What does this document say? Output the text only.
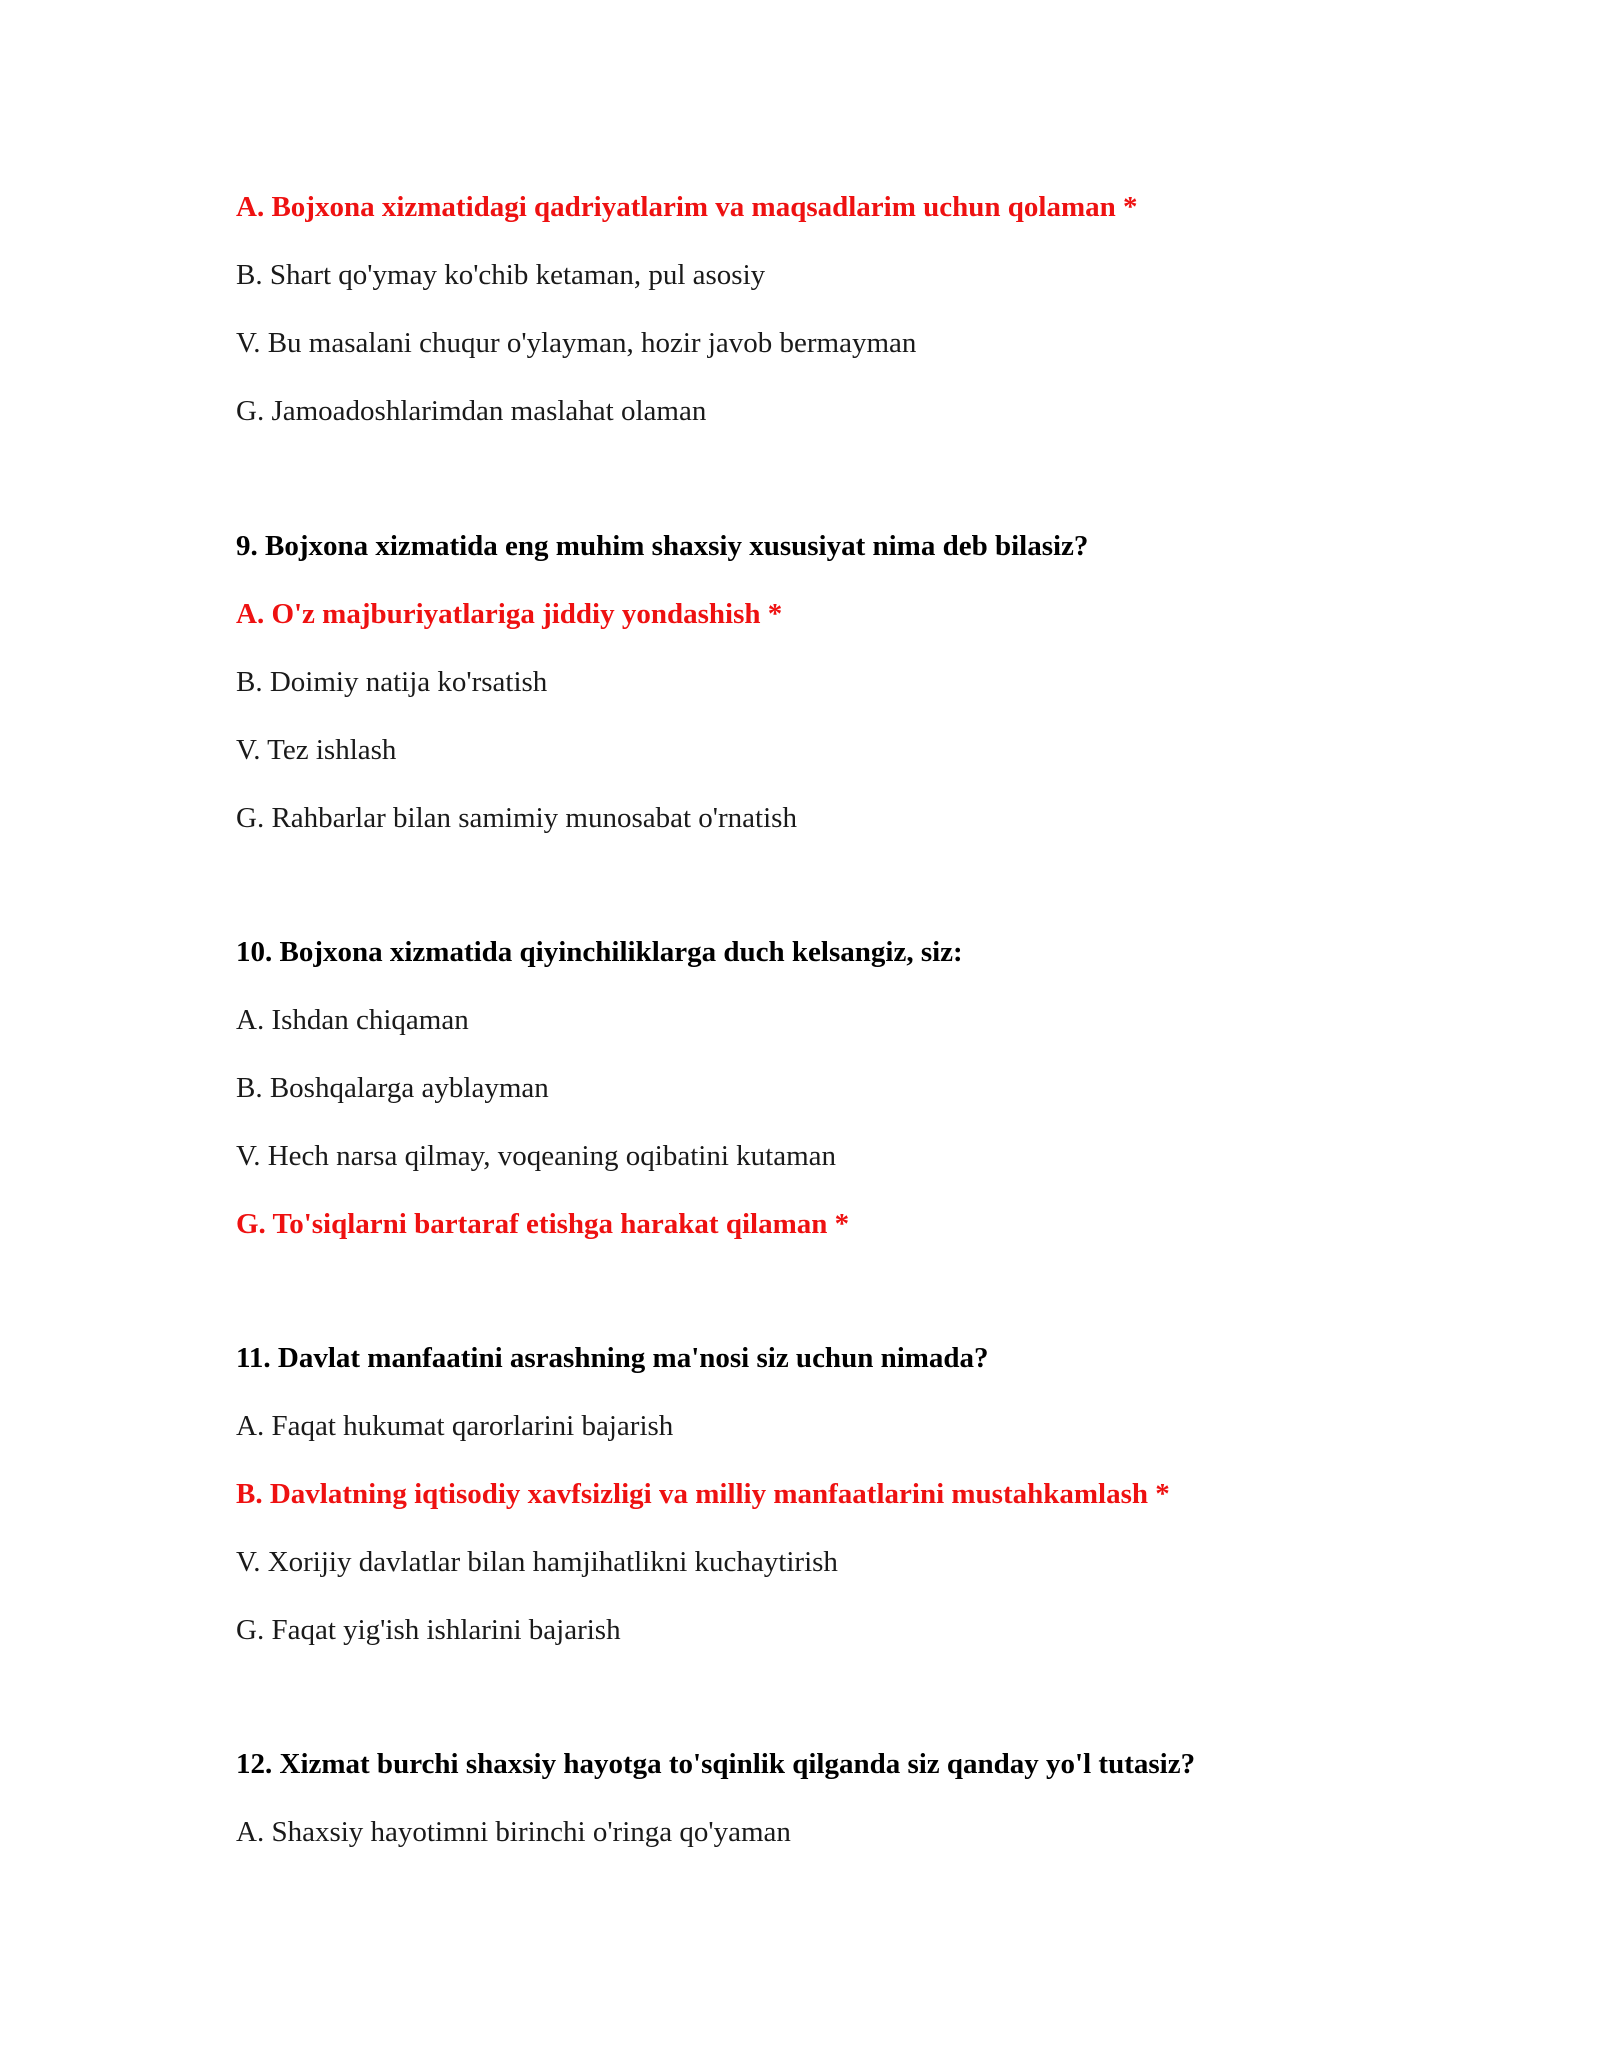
A. Bojxona xizmatidagi qadriyatlarim va maqsadlarim uchun qolaman *
B. Shart qo'ymay ko'chib ketaman, pul asosiy
V. Bu masalani chuqur o'ylayman, hozir javob bermayman
G. Jamoadoshlarimdan maslahat olaman
9. Bojxona xizmatida eng muhim shaxsiy xususiyat nima deb bilasiz?
A. O'z majburiyatlariga jiddiy yondashish *
B. Doimiy natija ko'rsatish
V. Tez ishlash
G. Rahbarlar bilan samimiy munosabat o'rnatish
10. Bojxona xizmatida qiyinchiliklarga duch kelsangiz, siz:
A. Ishdan chiqaman
B. Boshqalarga ayblayman
V. Hech narsa qilmay, voqeaning oqibatini kutaman
G. To'siqlarni bartaraf etishga harakat qilaman *
11. Davlat manfaatini asrashning ma'nosi siz uchun nimada?
A. Faqat hukumat qarorlarini bajarish
B. Davlatning iqtisodiy xavfsizligi va milliy manfaatlarini mustahkamlash *
V. Xorijiy davlatlar bilan hamjihatlikni kuchaytirish
G. Faqat yig'ish ishlarini bajarish
12. Xizmat burchi shaxsiy hayotga to'sqinlik qilganda siz qanday yo'l tutasiz?
A. Shaxsiy hayotimni birinchi o'ringa qo'yaman
